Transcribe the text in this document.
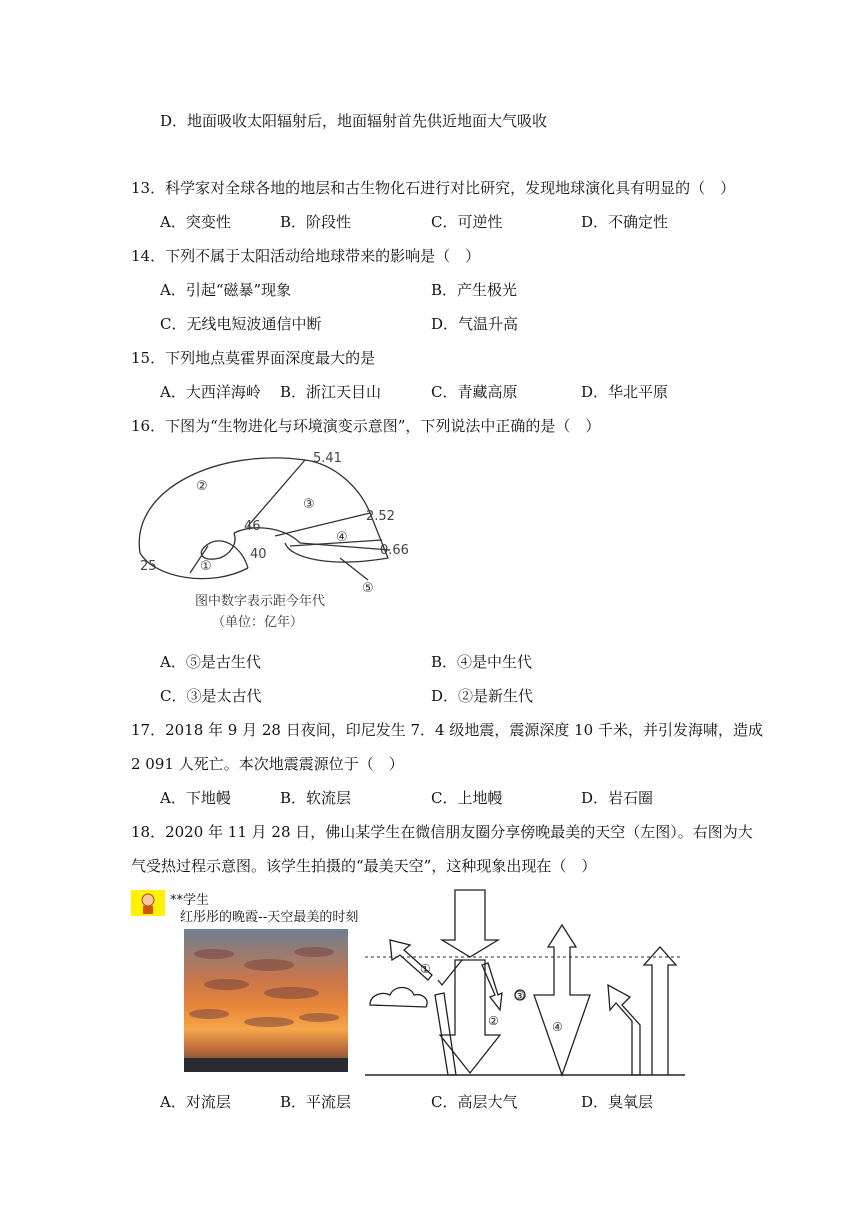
D．地面吸收太阳辐射后，地面辐射首先供近地面大气吸收
13．科学家对全球各地的地层和古生物化石进行对比研究，发现地球演化具有明显的（　）
A．突变性	B．阶段性	C．可逆性	D．不确定性
14．下列不属于太阳活动给地球带来的影响是（　）
A．引起“磁暴”现象	B．产生极光
C．无线电短波通信中断	D．气温升高
15．下列地点莫霍界面深度最大的是
A．大西洋海岭 B．浙江天目山	C．青藏高原	D．华北平原
16．下图为“生物进化与环境演变示意图”，下列说法中正确的是（　）
5.41
2.52
0.66
46
40
25	①
②
③
④
⑤
图中数字表示距今年代
（单位：亿年）
A．⑤是古生代	B．④是中生代
C．③是太古代	D．②是新生代
17．2018 年 9 月 28 日夜间，印尼发生 7．4 级地震，震源深度 10 千米，并引发海啸，造成
2 091 人死亡。本次地震震源位于（　）
A．下地幔	B．软流层	C．上地幔	D．岩石圈
18．2020 年 11 月 28 日，佛山某学生在微信朋友圈分享傍晚最美的天空（左图）。右图为大
气受热过程示意图。该学生拍摄的“最美天空”，这种现象出现在（　）
**学生
红彤彤的晚霞--天空最美的时刻
①
②
③
④
A．对流层	B．平流层	C．高层大气	D．臭氧层
